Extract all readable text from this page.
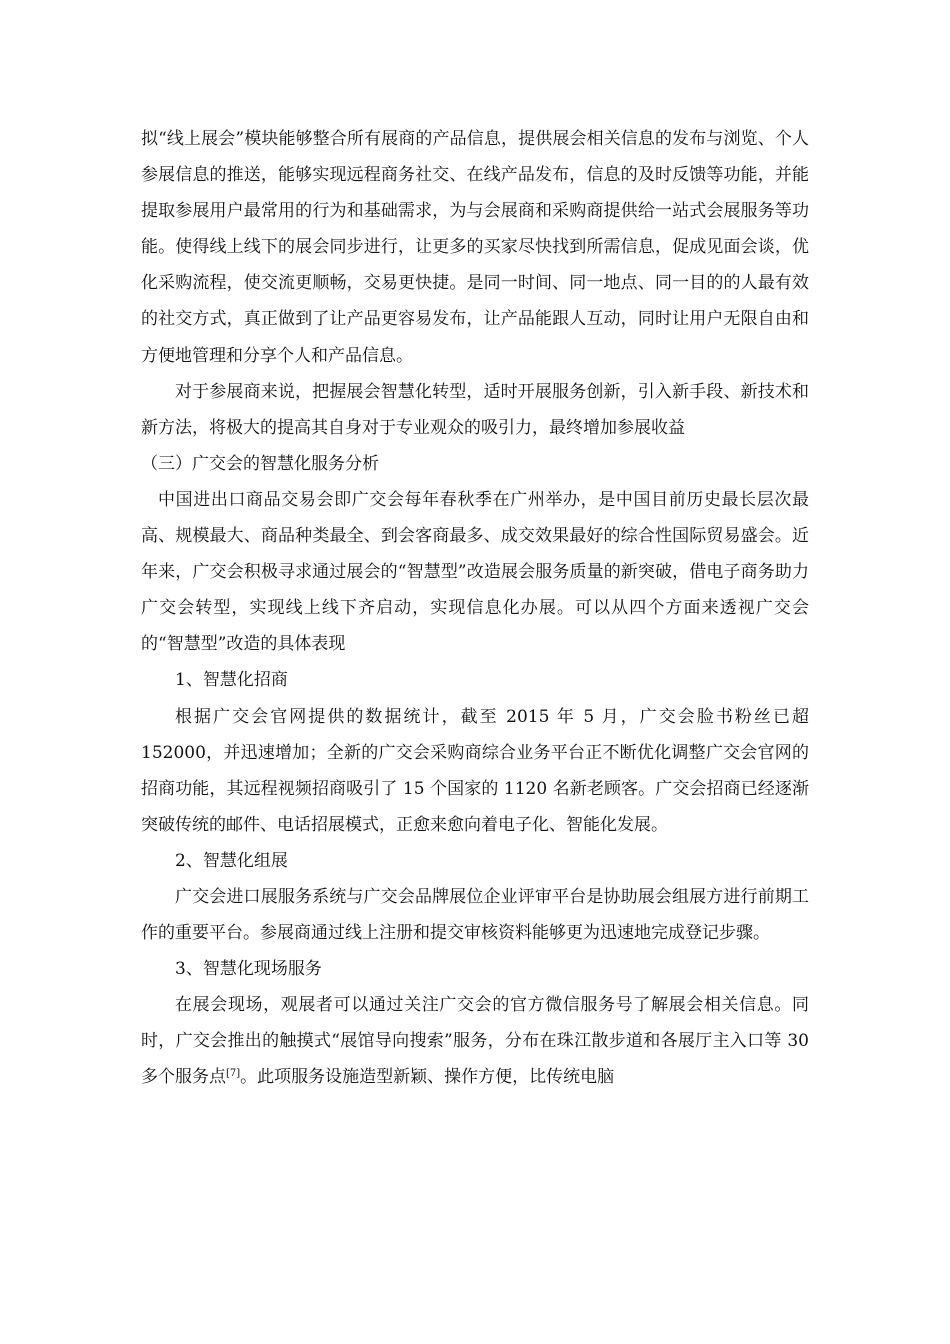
拟“线上展会”模块能够整合所有展商的产品信息，提供展会相关信息的发布与浏览、个人参展信息的推送，能够实现远程商务社交、在线产品发布，信息的及时反馈等功能，并能提取参展用户最常用的行为和基础需求，为与会展商和采购商提供给一站式会展服务等功能。使得线上线下的展会同步进行，让更多的买家尽快找到所需信息，促成见面会谈，优化采购流程，使交流更顺畅，交易更快捷。是同一时间、同一地点、同一目的的人最有效的社交方式，真正做到了让产品更容易发布，让产品能跟人互动，同时让用户无限自由和方便地管理和分享个人和产品信息。

对于参展商来说，把握展会智慧化转型，适时开展服务创新，引入新手段、新技术和新方法，将极大的提高其自身对于专业观众的吸引力，最终增加参展收益

（三）广交会的智慧化服务分析

中国进出口商品交易会即广交会每年春秋季在广州举办，是中国目前历史最长层次最高、规模最大、商品种类最全、到会客商最多、成交效果最好的综合性国际贸易盛会。近年来，广交会积极寻求通过展会的“智慧型”改造展会服务质量的新突破，借电子商务助力广交会转型，实现线上线下齐启动，实现信息化办展。可以从四个方面来透视广交会的“智慧型”改造的具体表现

1、智慧化招商

根据广交会官网提供的数据统计，截至 2015 年 5 月，广交会脸书粉丝已超 152000，并迅速增加；全新的广交会采购商综合业务平台正不断优化调整广交会官网的招商功能，其远程视频招商吸引了 15 个国家的 1120 名新老顾客。广交会招商已经逐渐突破传统的邮件、电话招展模式，正愈来愈向着电子化、智能化发展。

2、智慧化组展

广交会进口展服务系统与广交会品牌展位企业评审平台是协助展会组展方进行前期工作的重要平台。参展商通过线上注册和提交审核资料能够更为迅速地完成登记步骤。

3、智慧化现场服务

在展会现场，观展者可以通过关注广交会的官方微信服务号了解展会相关信息。同时，广交会推出的触摸式“展馆导向搜索”服务，分布在珠江散步道和各展厅主入口等 30 多个服务点[7]。此项服务设施造型新颖、操作方便，比传统电脑
